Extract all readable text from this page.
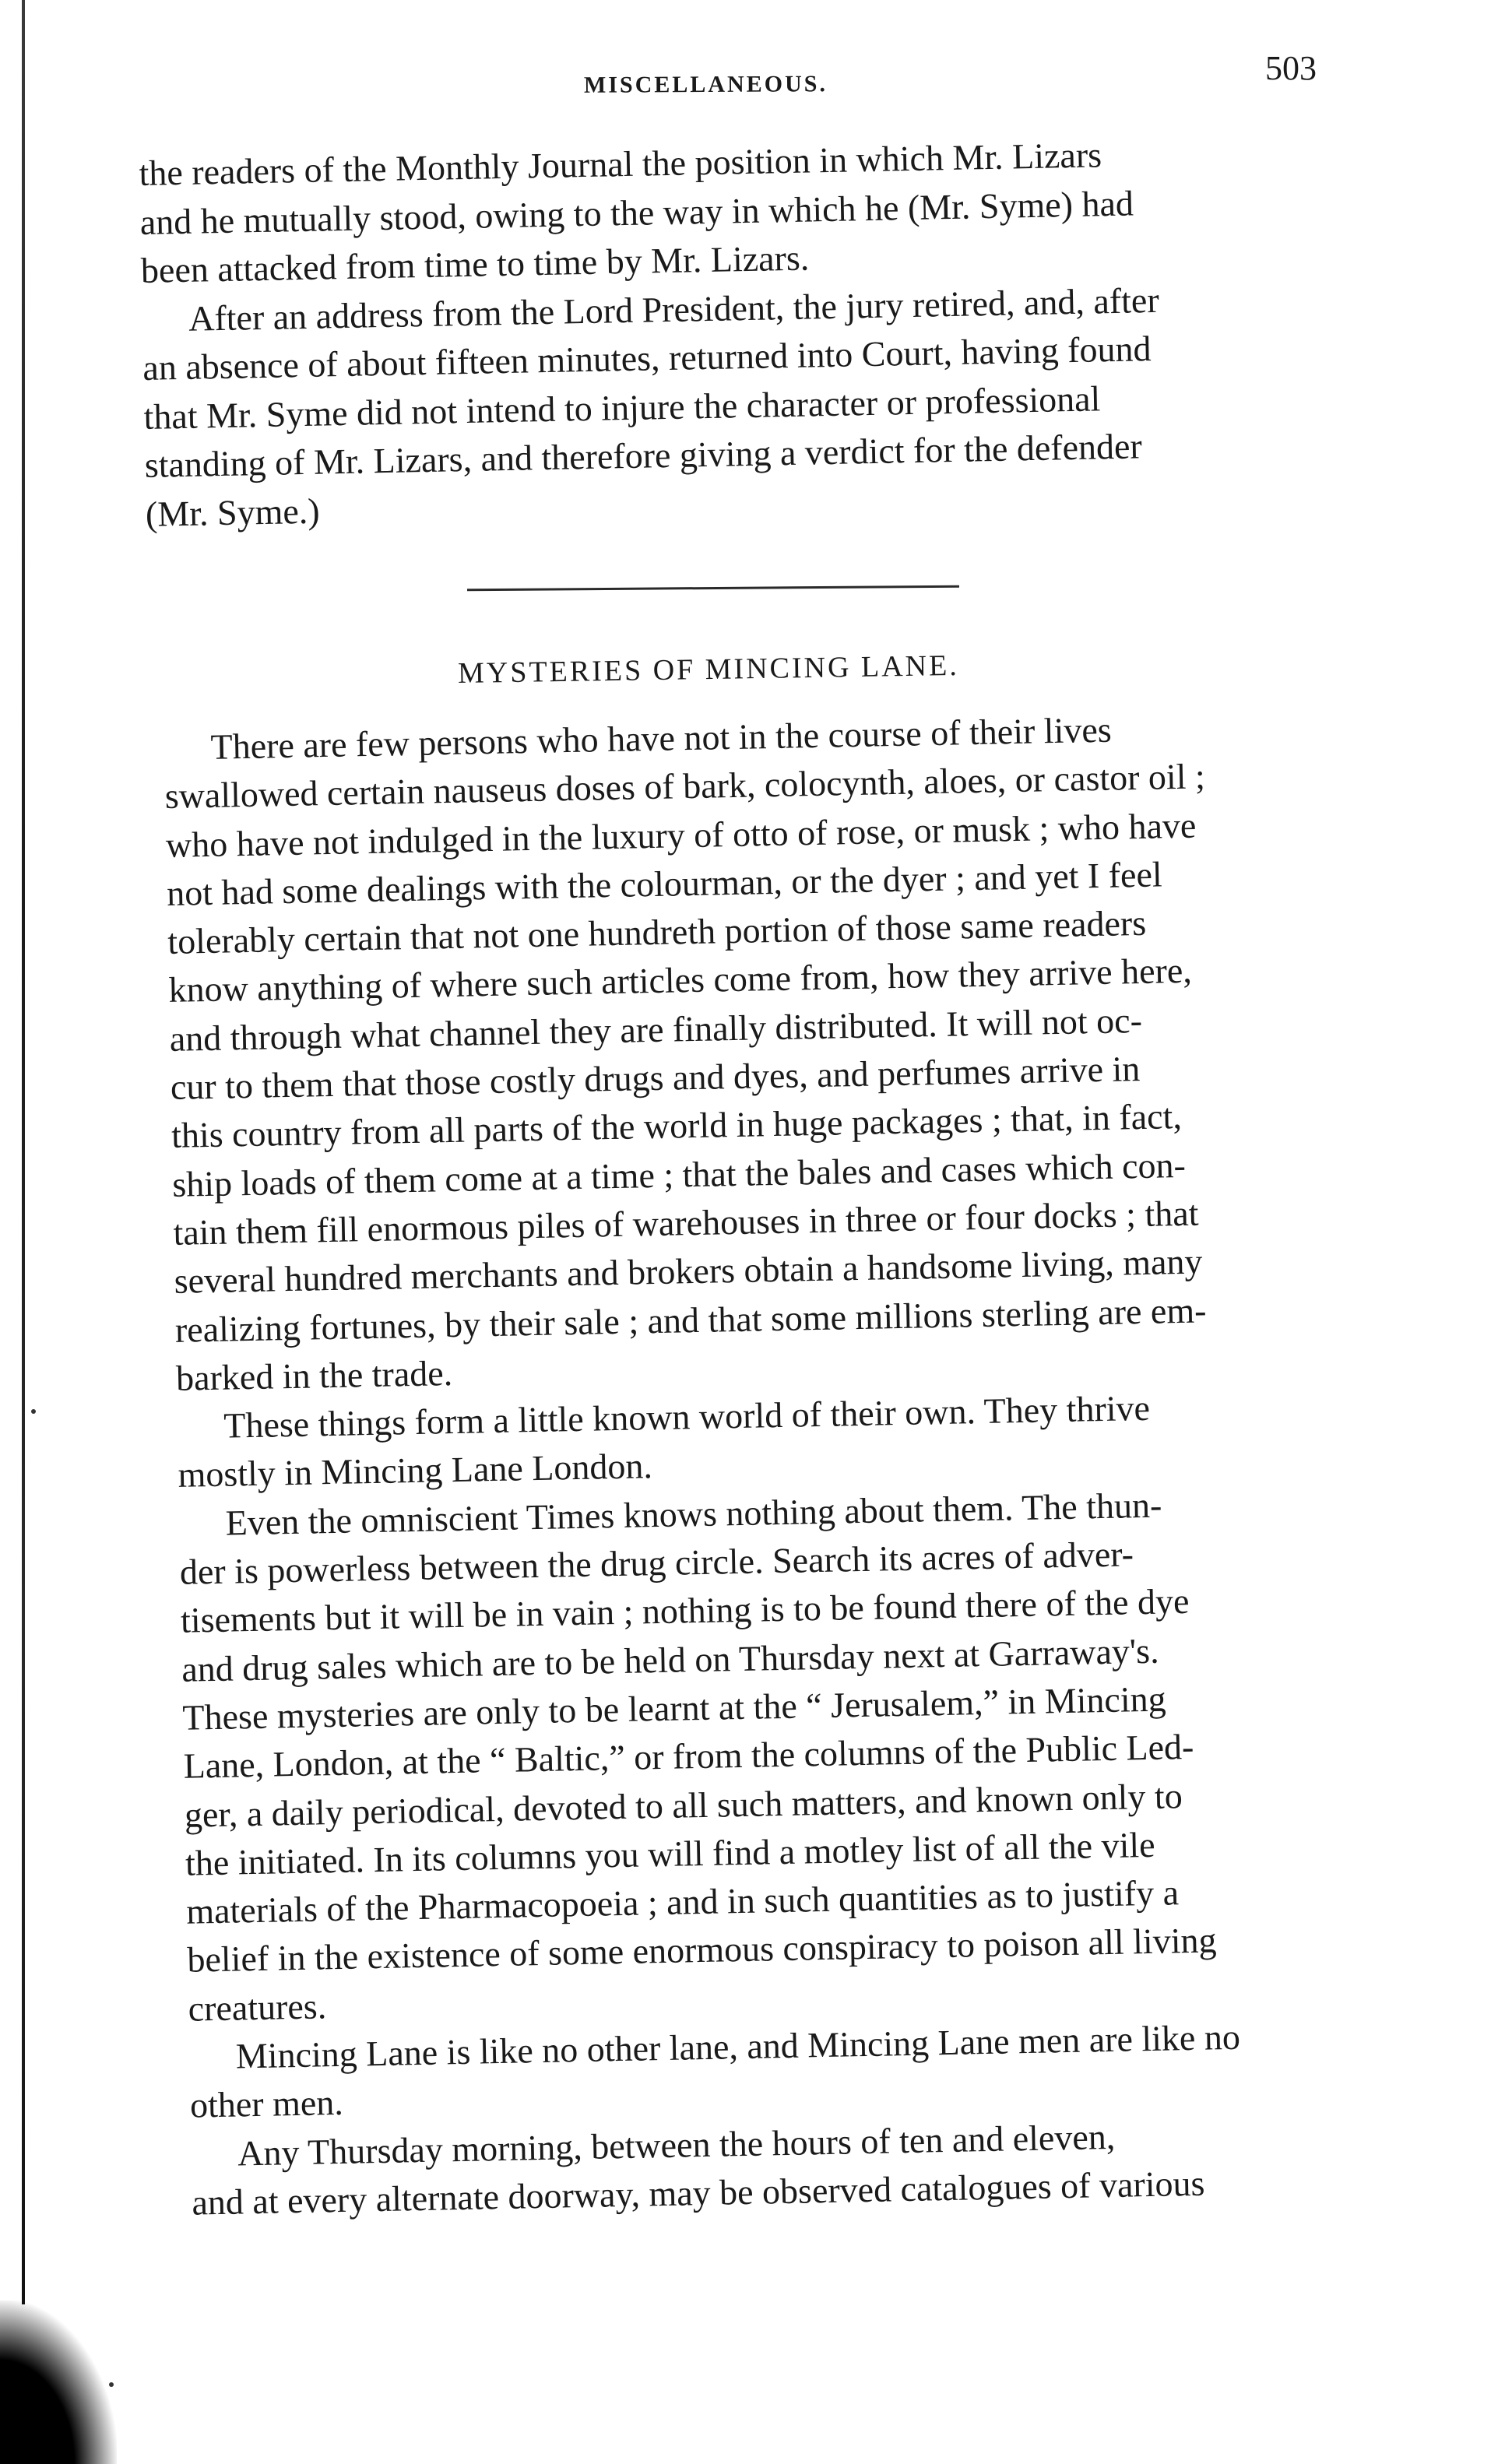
MISCELLANEOUS.	503
the readers of the Monthly Journal the position in which Mr. Lizars
and he mutually stood, owing to the way in which he (Mr. Syme) had
been attacked from time to time by Mr. Lizars.
After an address from the Lord President, the jury retired, and, after
an absence of about fifteen minutes, returned into Court, having found
that Mr. Syme did not intend to injure the character or professional
standing of Mr. Lizars, and therefore giving a verdict for the defender
(Mr. Syme.)
MYSTERIES OF MINCING LANE.
There are few persons who have not in the course of their lives
swallowed certain nauseus doses of bark, colocynth, aloes, or castor oil ;
who have not indulged in the luxury of otto of rose, or musk ; who have
not had some dealings with the colourman, or the dyer ; and yet I feel
tolerably certain that not one hundreth portion of those same readers
know anything of where such articles come from, how they arrive here,
and through what channel they are finally distributed. It will not oc-
cur to them that those costly drugs and dyes, and perfumes arrive in
this country from all parts of the world in huge packages ; that, in fact,
ship loads of them come at a time ; that the bales and cases which con-
tain them fill enormous piles of warehouses in three or four docks ; that
several hundred merchants and brokers obtain a handsome living, many
realizing fortunes, by their sale ; and that some millions sterling are em-
barked in the trade.
These things form a little known world of their own. They thrive
mostly in Mincing Lane London.
Even the omniscient Times knows nothing about them. The thun-
der is powerless between the drug circle. Search its acres of adver-
tisements but it will be in vain ; nothing is to be found there of the dye
and drug sales which are to be held on Thursday next at Garraway's.
These mysteries are only to be learnt at the “ Jerusalem,” in Mincing
Lane, London, at the “ Baltic,” or from the columns of the Public Led-
ger, a daily periodical, devoted to all such matters, and known only to
the initiated. In its columns you will find a motley list of all the vile
materials of the Pharmacopoeia ; and in such quantities as to justify a
belief in the existence of some enormous conspiracy to poison all living
creatures.
Mincing Lane is like no other lane, and Mincing Lane men are like no
other men.
Any Thursday morning, between the hours of ten and eleven,
and at every alternate doorway, may be observed catalogues of various
